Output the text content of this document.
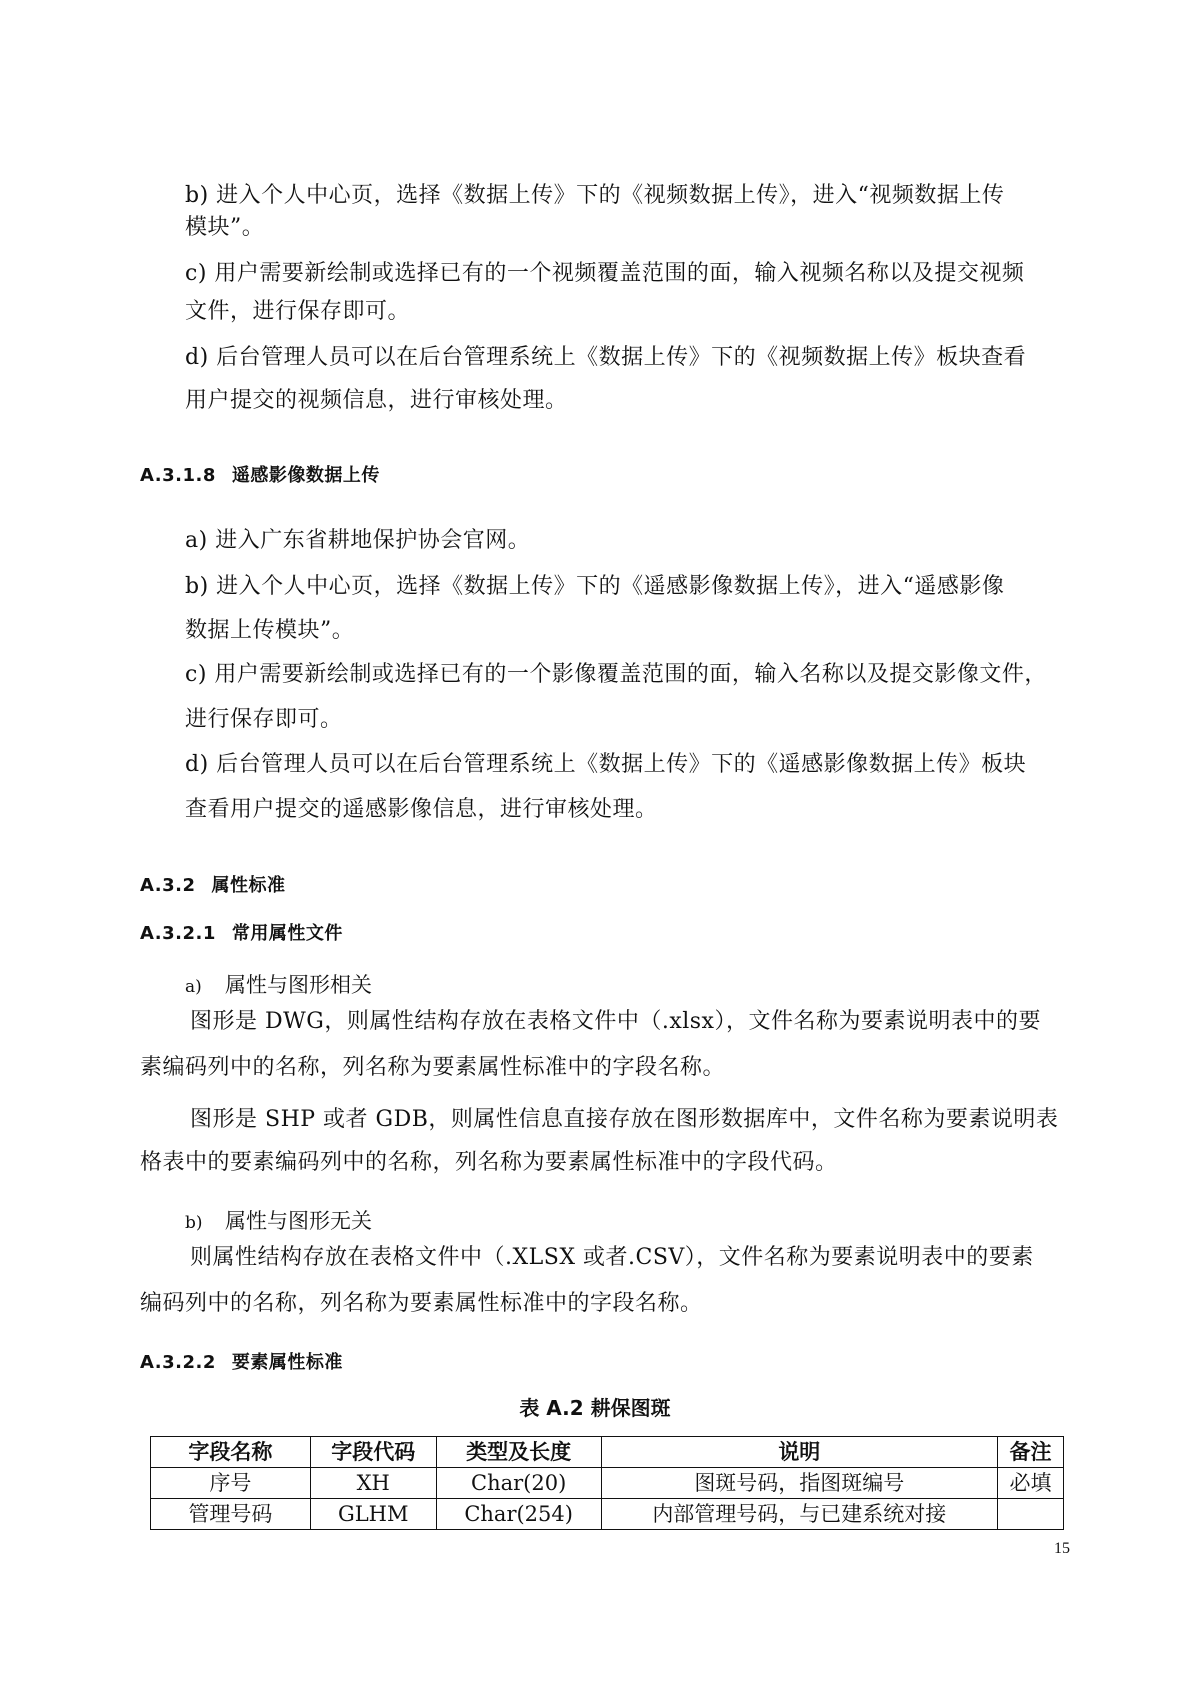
b) 进入个人中心页，选择《数据上传》下的《视频数据上传》，进入“视频数据上传
模块”。
c) 用户需要新绘制或选择已有的一个视频覆盖范围的面，输入视频名称以及提交视频
文件，进行保存即可。
d) 后台管理人员可以在后台管理系统上《数据上传》下的《视频数据上传》板块查看
用户提交的视频信息，进行审核处理。
A.3.1.8 遥感影像数据上传
a) 进入广东省耕地保护协会官网。
b) 进入个人中心页，选择《数据上传》下的《遥感影像数据上传》，进入“遥感影像
数据上传模块”。
c) 用户需要新绘制或选择已有的一个影像覆盖范围的面，输入名称以及提交影像文件，
进行保存即可。
d) 后台管理人员可以在后台管理系统上《数据上传》下的《遥感影像数据上传》板块
查看用户提交的遥感影像信息，进行审核处理。
A.3.2 属性标准
A.3.2.1 常用属性文件
a) 属性与图形相关
图形是 DWG，则属性结构存放在表格文件中（.xlsx），文件名称为要素说明表中的要
素编码列中的名称，列名称为要素属性标准中的字段名称。
图形是 SHP 或者 GDB，则属性信息直接存放在图形数据库中，文件名称为要素说明表
格表中的要素编码列中的名称，列名称为要素属性标准中的字段代码。
b) 属性与图形无关
则属性结构存放在表格文件中（.XLSX 或者.CSV），文件名称为要素说明表中的要素
编码列中的名称，列名称为要素属性标准中的字段名称。
A.3.2.2 要素属性标准
表 A.2 耕保图斑
字段名称	字段代码	类型及长度	说明	备注
序号	XH	Char(20)	图斑号码，指图斑编号	必填
管理号码	GLHM	Char(254)	内部管理号码，与已建系统对接	
15
